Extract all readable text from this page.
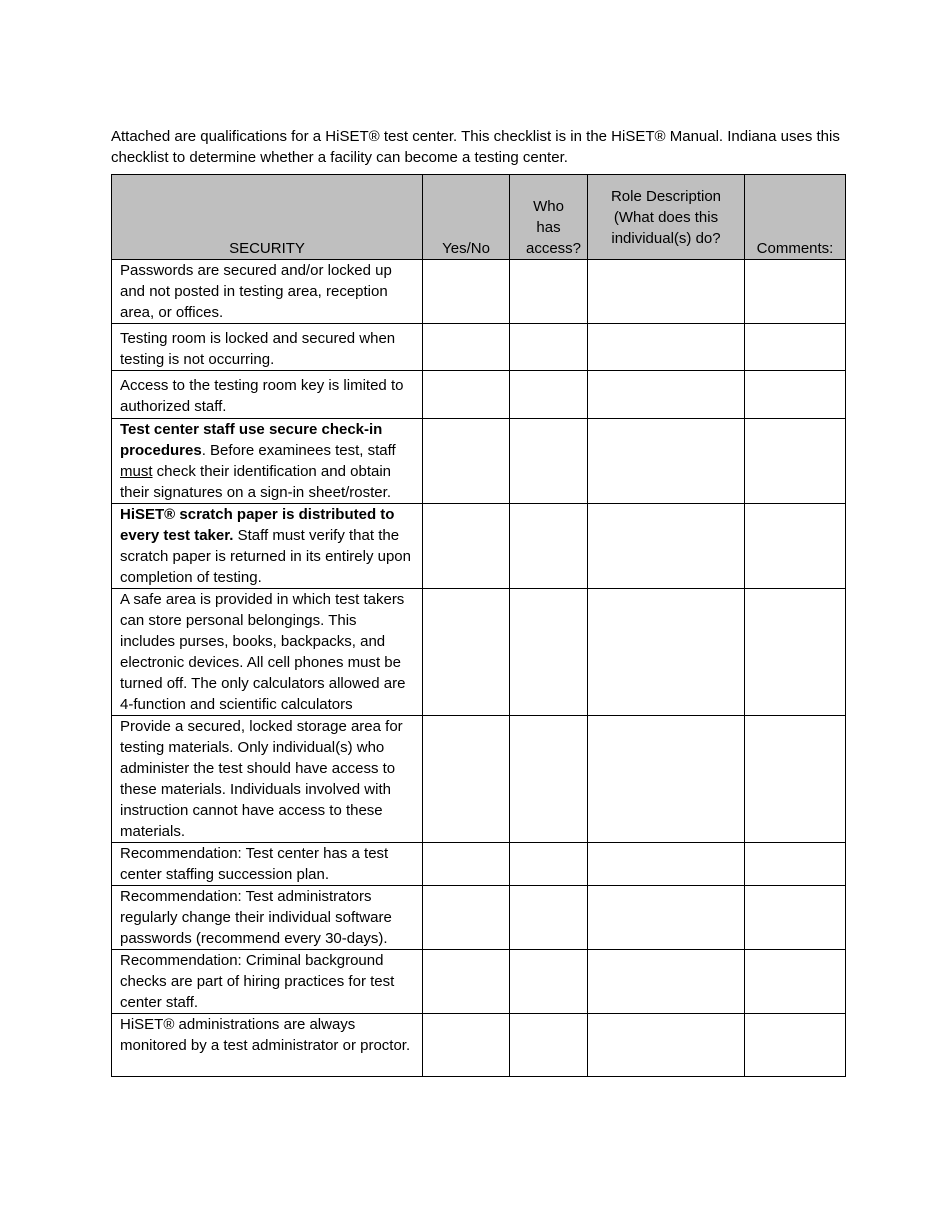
Attached are qualifications for a HiSET® test center. This checklist is in the HiSET® Manual. Indiana uses this checklist to determine whether a facility can become a testing center.

SECURITY	Yes/No	Who has access?	Role Description (What does this individual(s) do?	Comments:

Passwords are secured and/or locked up and not posted in testing area, reception area, or offices.				
Testing room is locked and secured when testing is not occurring.				
Access to the testing room key is limited to authorized staff.				
Test center staff use secure check-in procedures. Before examinees test, staff must check their identification and obtain their signatures on a sign-in sheet/roster.				
HiSET® scratch paper is distributed to every test taker. Staff must verify that the scratch paper is returned in its entirely upon completion of testing.				
A safe area is provided in which test takers can store personal belongings. This includes purses, books, backpacks, and electronic devices. All cell phones must be turned off. The only calculators allowed are 4-function and scientific calculators				
Provide a secured, locked storage area for testing materials. Only individual(s) who administer the test should have access to these materials. Individuals involved with instruction cannot have access to these materials.				
Recommendation: Test center has a test center staffing succession plan.				
Recommendation: Test administrators regularly change their individual software passwords (recommend every 30-days).				
Recommendation: Criminal background checks are part of hiring practices for test center staff.				
HiSET® administrations are always monitored by a test administrator or proctor.				
